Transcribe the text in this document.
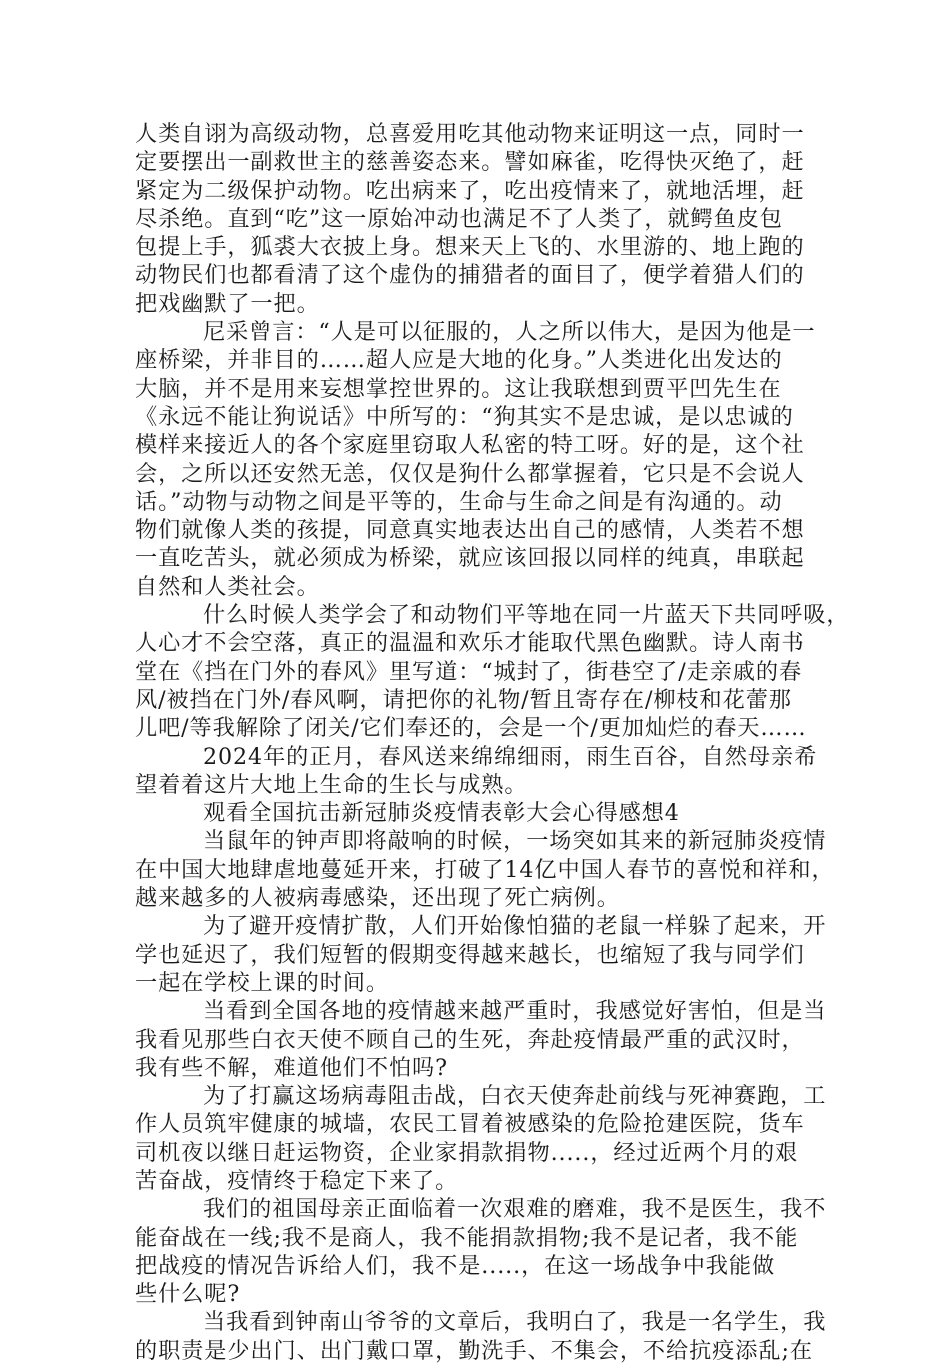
人类自诩为高级动物，总喜爱用吃其他动物来证明这一点，同时一
定要摆出一副救世主的慈善姿态来。譬如麻雀，吃得快灭绝了，赶
紧定为二级保护动物。吃出病来了，吃出疫情来了，就地活埋，赶
尽杀绝。直到“吃”这一原始冲动也满足不了人类了，就鳄鱼皮包
包提上手，狐裘大衣披上身。想来天上飞的、水里游的、地上跑的
动物民们也都看清了这个虚伪的捕猎者的面目了，便学着猎人们的
把戏幽默了一把。
尼采曾言：“人是可以征服的，人之所以伟大，是因为他是一
座桥梁，并非目的……超人应是大地的化身。”人类进化出发达的
大脑，并不是用来妄想掌控世界的。这让我联想到贾平凹先生在
《永远不能让狗说话》中所写的：“狗其实不是忠诚，是以忠诚的
模样来接近人的各个家庭里窃取人私密的特工呀。好的是，这个社
会，之所以还安然无恙，仅仅是狗什么都掌握着，它只是不会说人
话。”动物与动物之间是平等的，生命与生命之间是有沟通的。动
物们就像人类的孩提，同意真实地表达出自己的感情，人类若不想
一直吃苦头，就必须成为桥梁，就应该回报以同样的纯真，串联起
自然和人类社会。
什么时候人类学会了和动物们平等地在同一片蓝天下共同呼吸，
人心才不会空落，真正的温温和欢乐才能取代黑色幽默。诗人南书
堂在《挡在门外的春风》里写道：“城封了，街巷空了/走亲戚的春
风/被挡在门外/春风啊，请把你的礼物/暂且寄存在/柳枝和花蕾那
儿吧/等我解除了闭关/它们奉还的，会是一个/更加灿烂的春天……
2024年的正月，春风送来绵绵细雨，雨生百谷，自然母亲希
望着着这片大地上生命的生长与成熟。
观看全国抗击新冠肺炎疫情表彰大会心得感想4
当鼠年的钟声即将敲响的时候，一场突如其来的新冠肺炎疫情
在中国大地肆虐地蔓延开来，打破了14亿中国人春节的喜悦和祥和，
越来越多的人被病毒感染，还出现了死亡病例。
为了避开疫情扩散，人们开始像怕猫的老鼠一样躲了起来，开
学也延迟了，我们短暂的假期变得越来越长，也缩短了我与同学们
一起在学校上课的时间。
当看到全国各地的疫情越来越严重时，我感觉好害怕，但是当
我看见那些白衣天使不顾自己的生死，奔赴疫情最严重的武汉时，
我有些不解，难道他们不怕吗?
为了打赢这场病毒阻击战，白衣天使奔赴前线与死神赛跑，工
作人员筑牢健康的城墙，农民工冒着被感染的危险抢建医院，货车
司机夜以继日赶运物资，企业家捐款捐物.....，经过近两个月的艰
苦奋战，疫情终于稳定下来了。
我们的祖国母亲正面临着一次艰难的磨难，我不是医生，我不
能奋战在一线;我不是商人，我不能捐款捐物;我不是记者，我不能
把战疫的情况告诉给人们，我不是.....，在这一场战争中我能做
些什么呢?
当我看到钟南山爷爷的文章后，我明白了，我是一名学生，我
的职责是少出门、出门戴口罩，勤洗手、不集会，不给抗疫添乱;在
